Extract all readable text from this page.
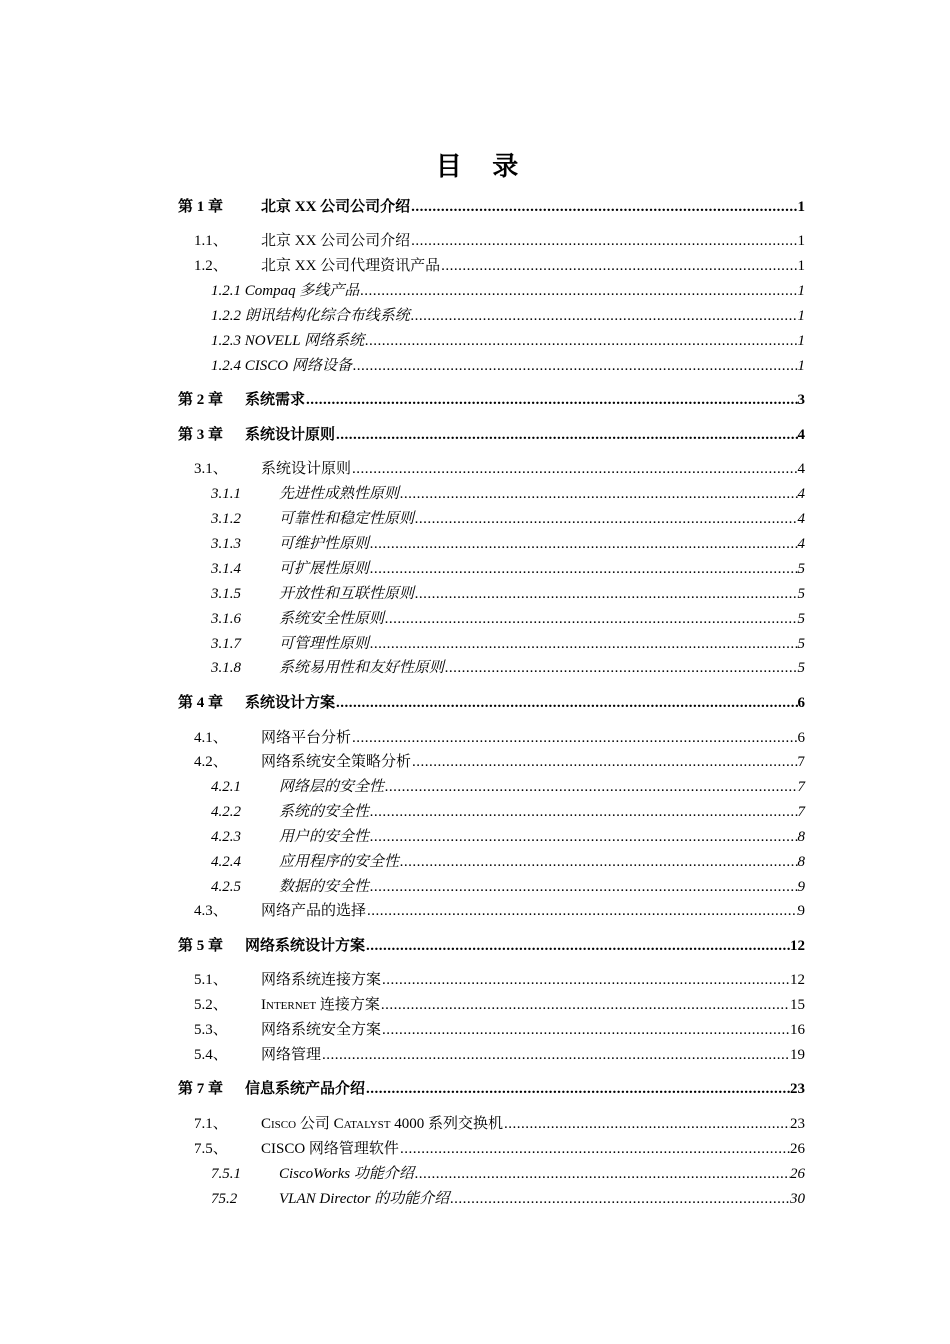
目 录
第 1 章	北京 XX 公司公司介绍 .....	1
1.1、 北京 XX 公司公司介绍 .....	1
1.2、 北京 XX 公司代理资讯产品 .....	1
1.2.1 Compaq 多线产品 .....	1
1.2.2 朗讯结构化综合布线系统 .....	1
1.2.3 NOVELL 网络系统 .....	1
1.2.4 CISCO 网络设备 .....	1
第 2 章 系统需求 .....	3
第 3 章 系统设计原则 .....	4
3.1、 系统设计原则 .....	4
3.1.1	先进性成熟性原则 .....	4
3.1.2	可靠性和稳定性原则 .....	4
3.1.3	可维护性原则 .....	4
3.1.4	可扩展性原则 .....	5
3.1.5	开放性和互联性原则 .....	5
3.1.6	系统安全性原则 .....	5
3.1.7	可管理性原则 .....	5
3.1.8	系统易用性和友好性原则 .....	5
第 4 章 系统设计方案 .....	6
4.1、 网络平台分析 .....	6
4.2、 网络系统安全策略分析 .....	7
4.2.1	网络层的安全性 .....	7
4.2.2	系统的安全性 .....	7
4.2.3	用户的安全性 .....	8
4.2.4	应用程序的安全性 .....	8
4.2.5	数据的安全性 .....	9
4.3、 网络产品的选择 .....	9
第 5 章 网络系统设计方案 .....	12
5.1、 网络系统连接方案 .....	12
5.2、 Internet 连接方案 .....	15
5.3、 网络系统安全方案 .....	16
5.4、 网络管理 .....	19
第 7 章 信息系统产品介绍 .....	23
7.1、 Cisco 公司 Catalyst 4000 系列交换机 .....	23
7.5、 CISCO 网络管理软件 .....	26
7.5.1	CiscoWorks 功能介绍 .....	26
75.2	VLAN Director 的功能介绍 .....	30
